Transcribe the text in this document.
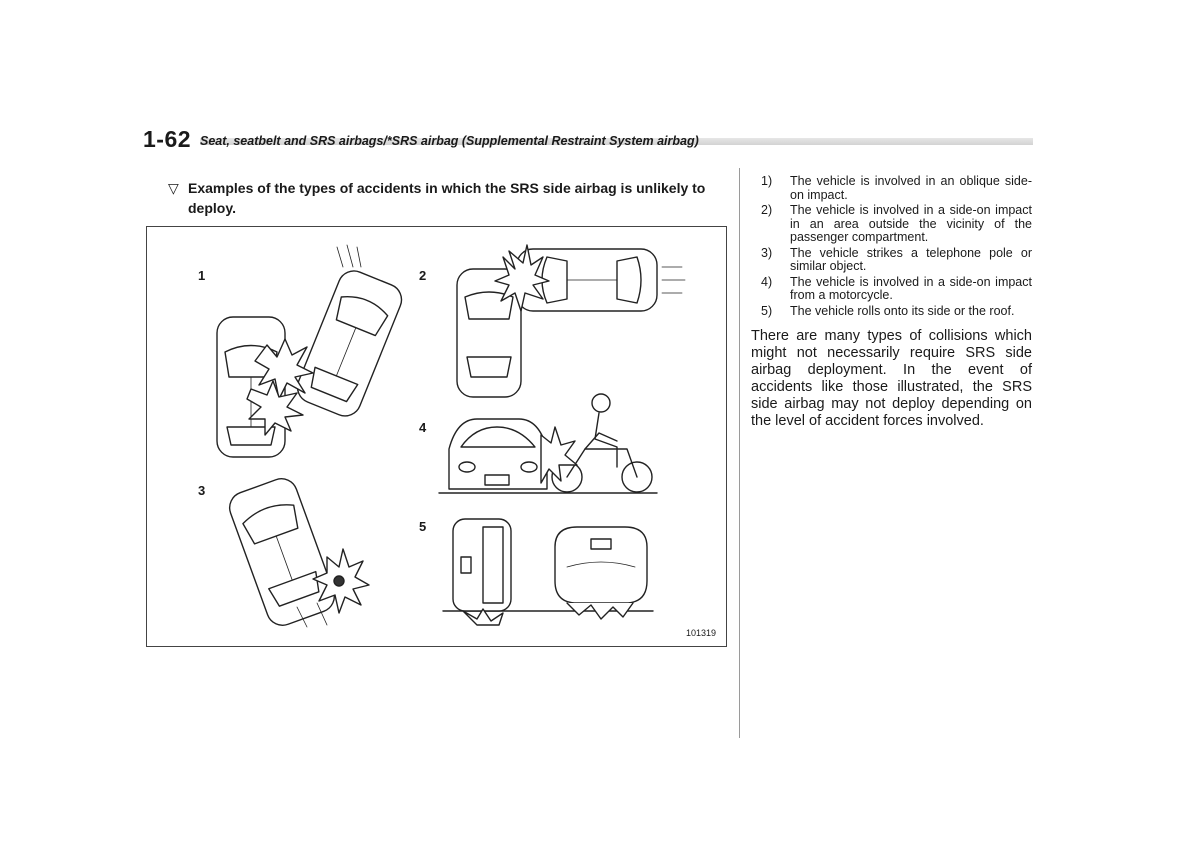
1-62 Seat, seatbelt and SRS airbags/*SRS airbag (Supplemental Restraint System airbag)
▽ Examples of the types of accidents in which the SRS side airbag is unlikely to deploy.
1	2
3
4
5
101319
1)	The vehicle is involved in an oblique side-on impact.
2)	The vehicle is involved in a side-on impact in an area outside the vicinity of the passenger compartment.
3)	The vehicle strikes a telephone pole or similar object.
4)	The vehicle is involved in a side-on impact from a motorcycle.
5)	The vehicle rolls onto its side or the roof.
There are many types of collisions which might not necessarily require SRS side airbag deployment. In the event of accidents like those illustrated, the SRS side airbag may not deploy depending on the level of accident forces involved.
